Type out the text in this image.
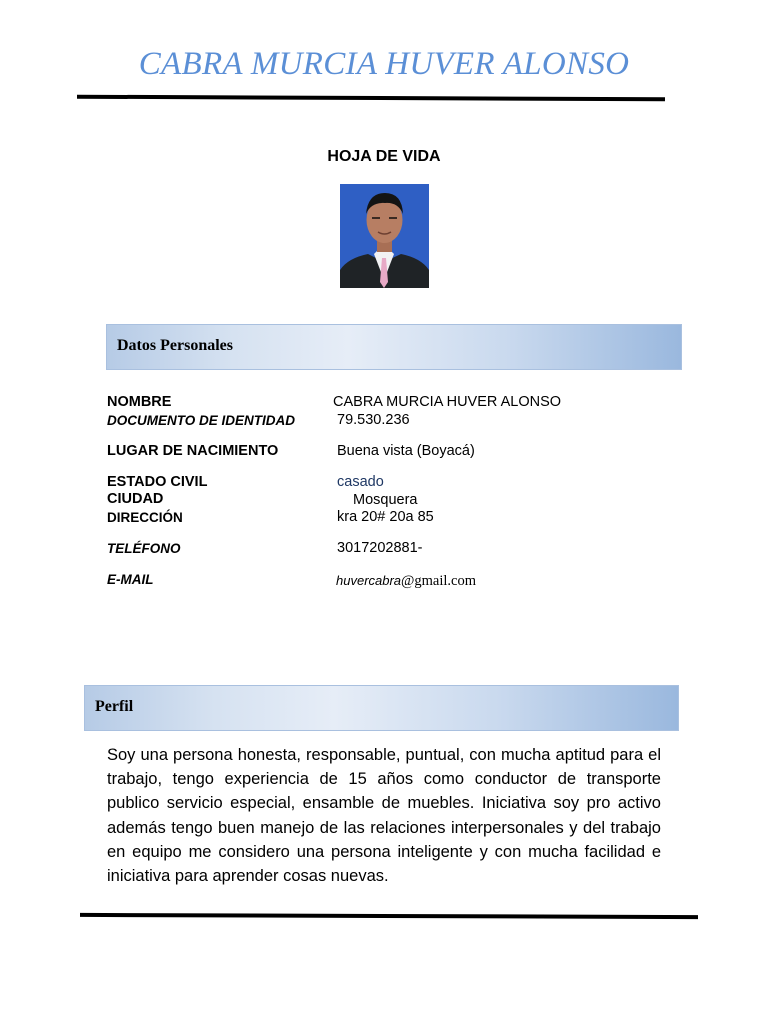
CABRA MURCIA HUVER ALONSO
HOJA DE VIDA
Datos Personales
NOMBRE	CABRA MURCIA HUVER ALONSO
DOCUMENTO DE IDENTIDAD	79.530.236
LUGAR DE NACIMIENTO	Buena vista (Boyacá)
ESTADO CIVIL	casado
CIUDAD	Mosquera
DIRECCIÓN	kra 20# 20a 85
TELÉFONO	3017202881-
E-MAIL	huvercabra@gmail.com
Perfil
Soy una persona honesta, responsable, puntual, con mucha aptitud para el trabajo, tengo experiencia de 15 años como conductor de transporte publico servicio especial, ensamble de muebles. Iniciativa soy pro activo además tengo buen manejo de las relaciones interpersonales y del trabajo en equipo me considero una persona inteligente y con mucha facilidad e iniciativa para aprender cosas nuevas.
